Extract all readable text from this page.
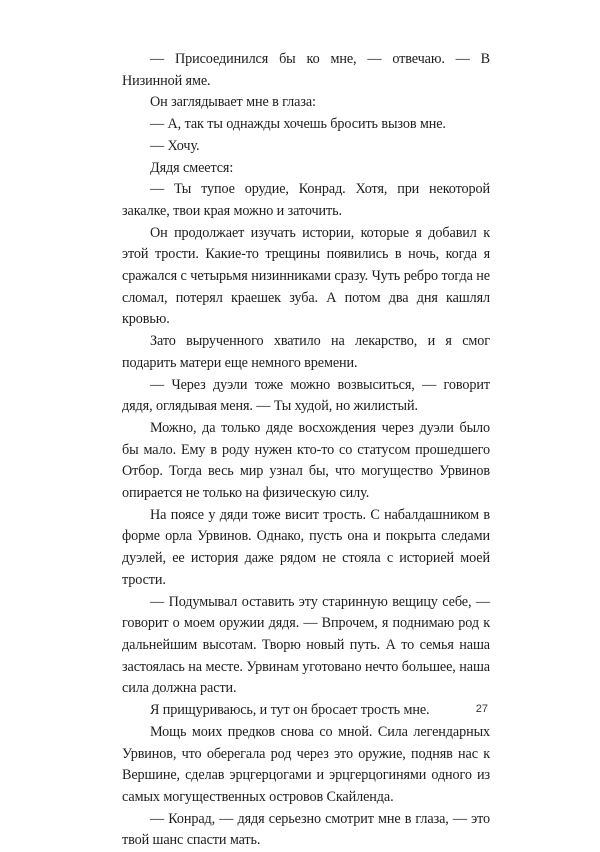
— Присоединился бы ко мне, — отвечаю. — В Низинной яме.

Он заглядывает мне в глаза:

— А, так ты однажды хочешь бросить вызов мне.

— Хочу.

Дядя смеется:

— Ты тупое орудие, Конрад. Хотя, при некоторой закалке, твои края можно и заточить.

Он продолжает изучать истории, которые я добавил к этой трости. Какие-то трещины появились в ночь, когда я сражался с четырьмя низинниками сразу. Чуть ребро тогда не сломал, потерял краешек зуба. А потом два дня кашлял кровью.

Зато вырученного хватило на лекарство, и я смог подарить матери еще немного времени.

— Через дуэли тоже можно возвыситься, — говорит дядя, оглядывая меня. — Ты худой, но жилистый.

Можно, да только дяде восхождения через дуэли было бы мало. Ему в роду нужен кто-то со статусом прошедшего Отбор. Тогда весь мир узнал бы, что могущество Урвинов опирается не только на физическую силу.

На поясе у дяди тоже висит трость. С набалдашником в форме орла Урвинов. Однако, пусть она и покрыта следами дуэлей, ее история даже рядом не стояла с историей моей трости.

— Подумывал оставить эту старинную вещицу себе, — говорит о моем оружии дядя. — Впрочем, я поднимаю род к дальнейшим высотам. Творю новый путь. А то семья наша застоялась на месте. Урвинам уготовано нечто большее, наша сила должна расти.

Я прищуриваюсь, и тут он бросает трость мне.

Мощь моих предков снова со мной. Сила легендарных Урвинов, что оберегала род через это оружие, подняв нас к Вершине, сделав эрцгерцогами и эрцгерцогинями одного из самых могущественных островов Скайленда.

— Конрад, — дядя серьезно смотрит мне в глаза, — это твой шанс спасти мать.

27
